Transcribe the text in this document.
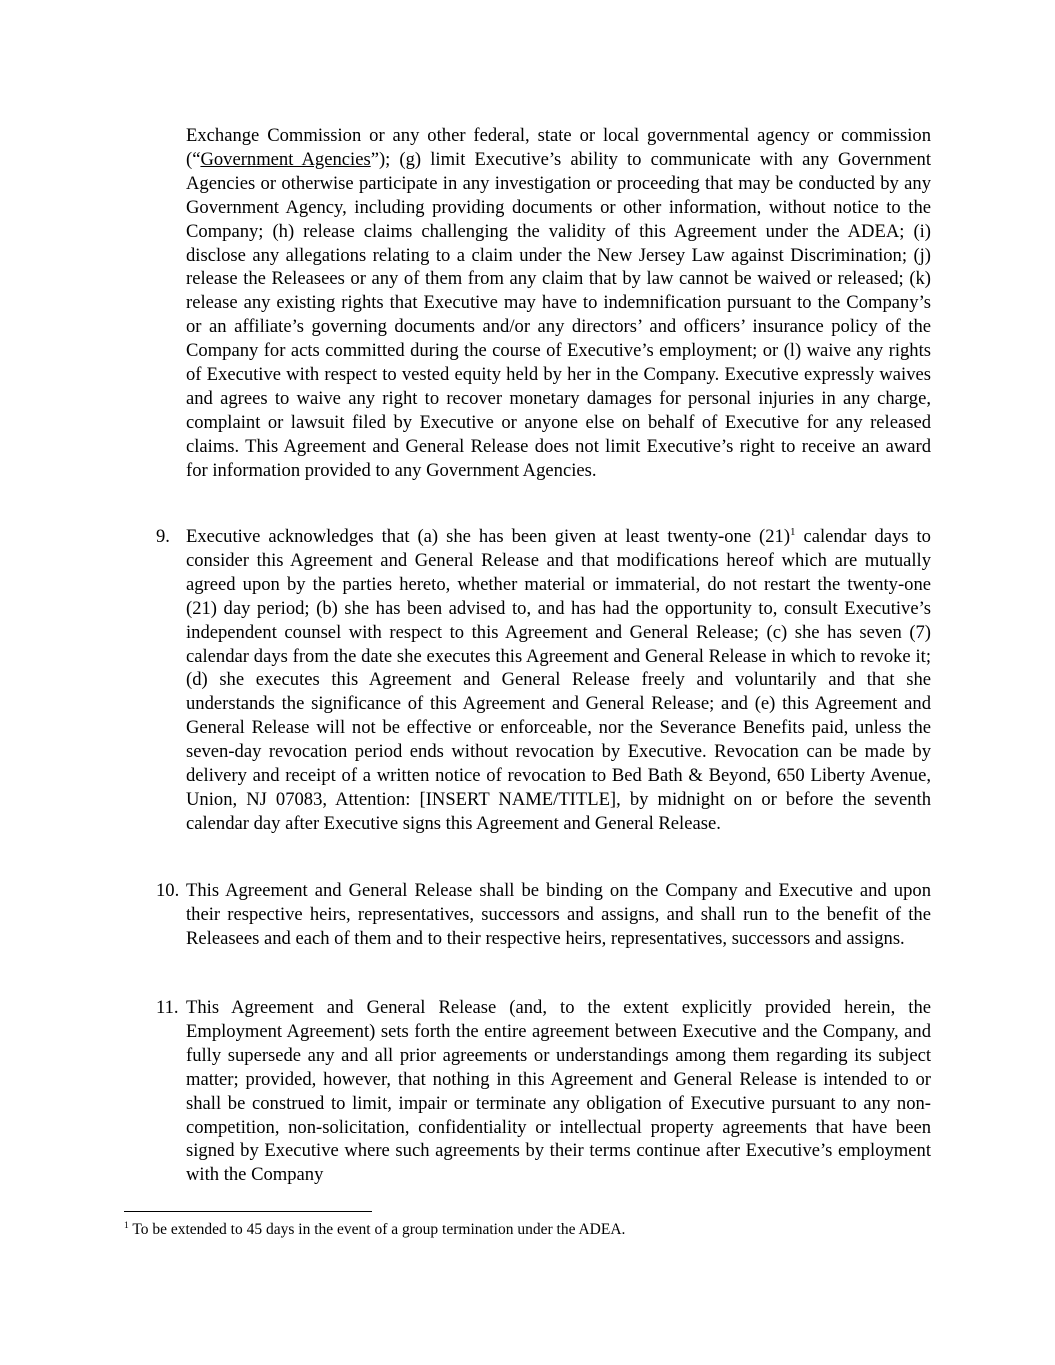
Exchange Commission or any other federal, state or local governmental agency or commission (“Government Agencies”); (g) limit Executive’s ability to communicate with any Government Agencies or otherwise participate in any investigation or proceeding that may be conducted by any Government Agency, including providing documents or other information, without notice to the Company; (h) release claims challenging the validity of this Agreement under the ADEA; (i) disclose any allegations relating to a claim under the New Jersey Law against Discrimination; (j) release the Releasees or any of them from any claim that by law cannot be waived or released; (k) release any existing rights that Executive may have to indemnification pursuant to the Company’s or an affiliate’s governing documents and/or any directors’ and officers’ insurance policy of the Company for acts committed during the course of Executive’s employment; or (l) waive any rights of Executive with respect to vested equity held by her in the Company. Executive expressly waives and agrees to waive any right to recover monetary damages for personal injuries in any charge, complaint or lawsuit filed by Executive or anyone else on behalf of Executive for any released claims. This Agreement and General Release does not limit Executive’s right to receive an award for information provided to any Government Agencies.

9. Executive acknowledges that (a) she has been given at least twenty-one $(21)^1$ calendar days to consider this Agreement and General Release and that modifications hereof which are mutually agreed upon by the parties hereto, whether material or immaterial, do not restart the twenty-one (21) day period; (b) she has been advised to, and has had the opportunity to, consult Executive’s independent counsel with respect to this Agreement and General Release; (c) she has seven (7) calendar days from the date she executes this Agreement and General Release in which to revoke it; (d) she executes this Agreement and General Release freely and voluntarily and that she understands the significance of this Agreement and General Release; and (e) this Agreement and General Release will not be effective or enforceable, nor the Severance Benefits paid, unless the seven-day revocation period ends without revocation by Executive. Revocation can be made by delivery and receipt of a written notice of revocation to Bed Bath & Beyond, 650 Liberty Avenue, Union, NJ 07083, Attention: [INSERT NAME/TITLE], by midnight on or before the seventh calendar day after Executive signs this Agreement and General Release.

10. This Agreement and General Release shall be binding on the Company and Executive and upon their respective heirs, representatives, successors and assigns, and shall run to the benefit of the Releasees and each of them and to their respective heirs, representatives, successors and assigns.

11. This Agreement and General Release (and, to the extent explicitly provided herein, the Employment Agreement) sets forth the entire agreement between Executive and the Company, and fully supersede any and all prior agreements or understandings among them regarding its subject matter; provided, however, that nothing in this Agreement and General Release is intended to or shall be construed to limit, impair or terminate any obligation of Executive pursuant to any non-competition, non-solicitation, confidentiality or intellectual property agreements that have been signed by Executive where such agreements by their terms continue after Executive’s employment with the Company

$^1$ To be extended to 45 days in the event of a group termination under the ADEA.
